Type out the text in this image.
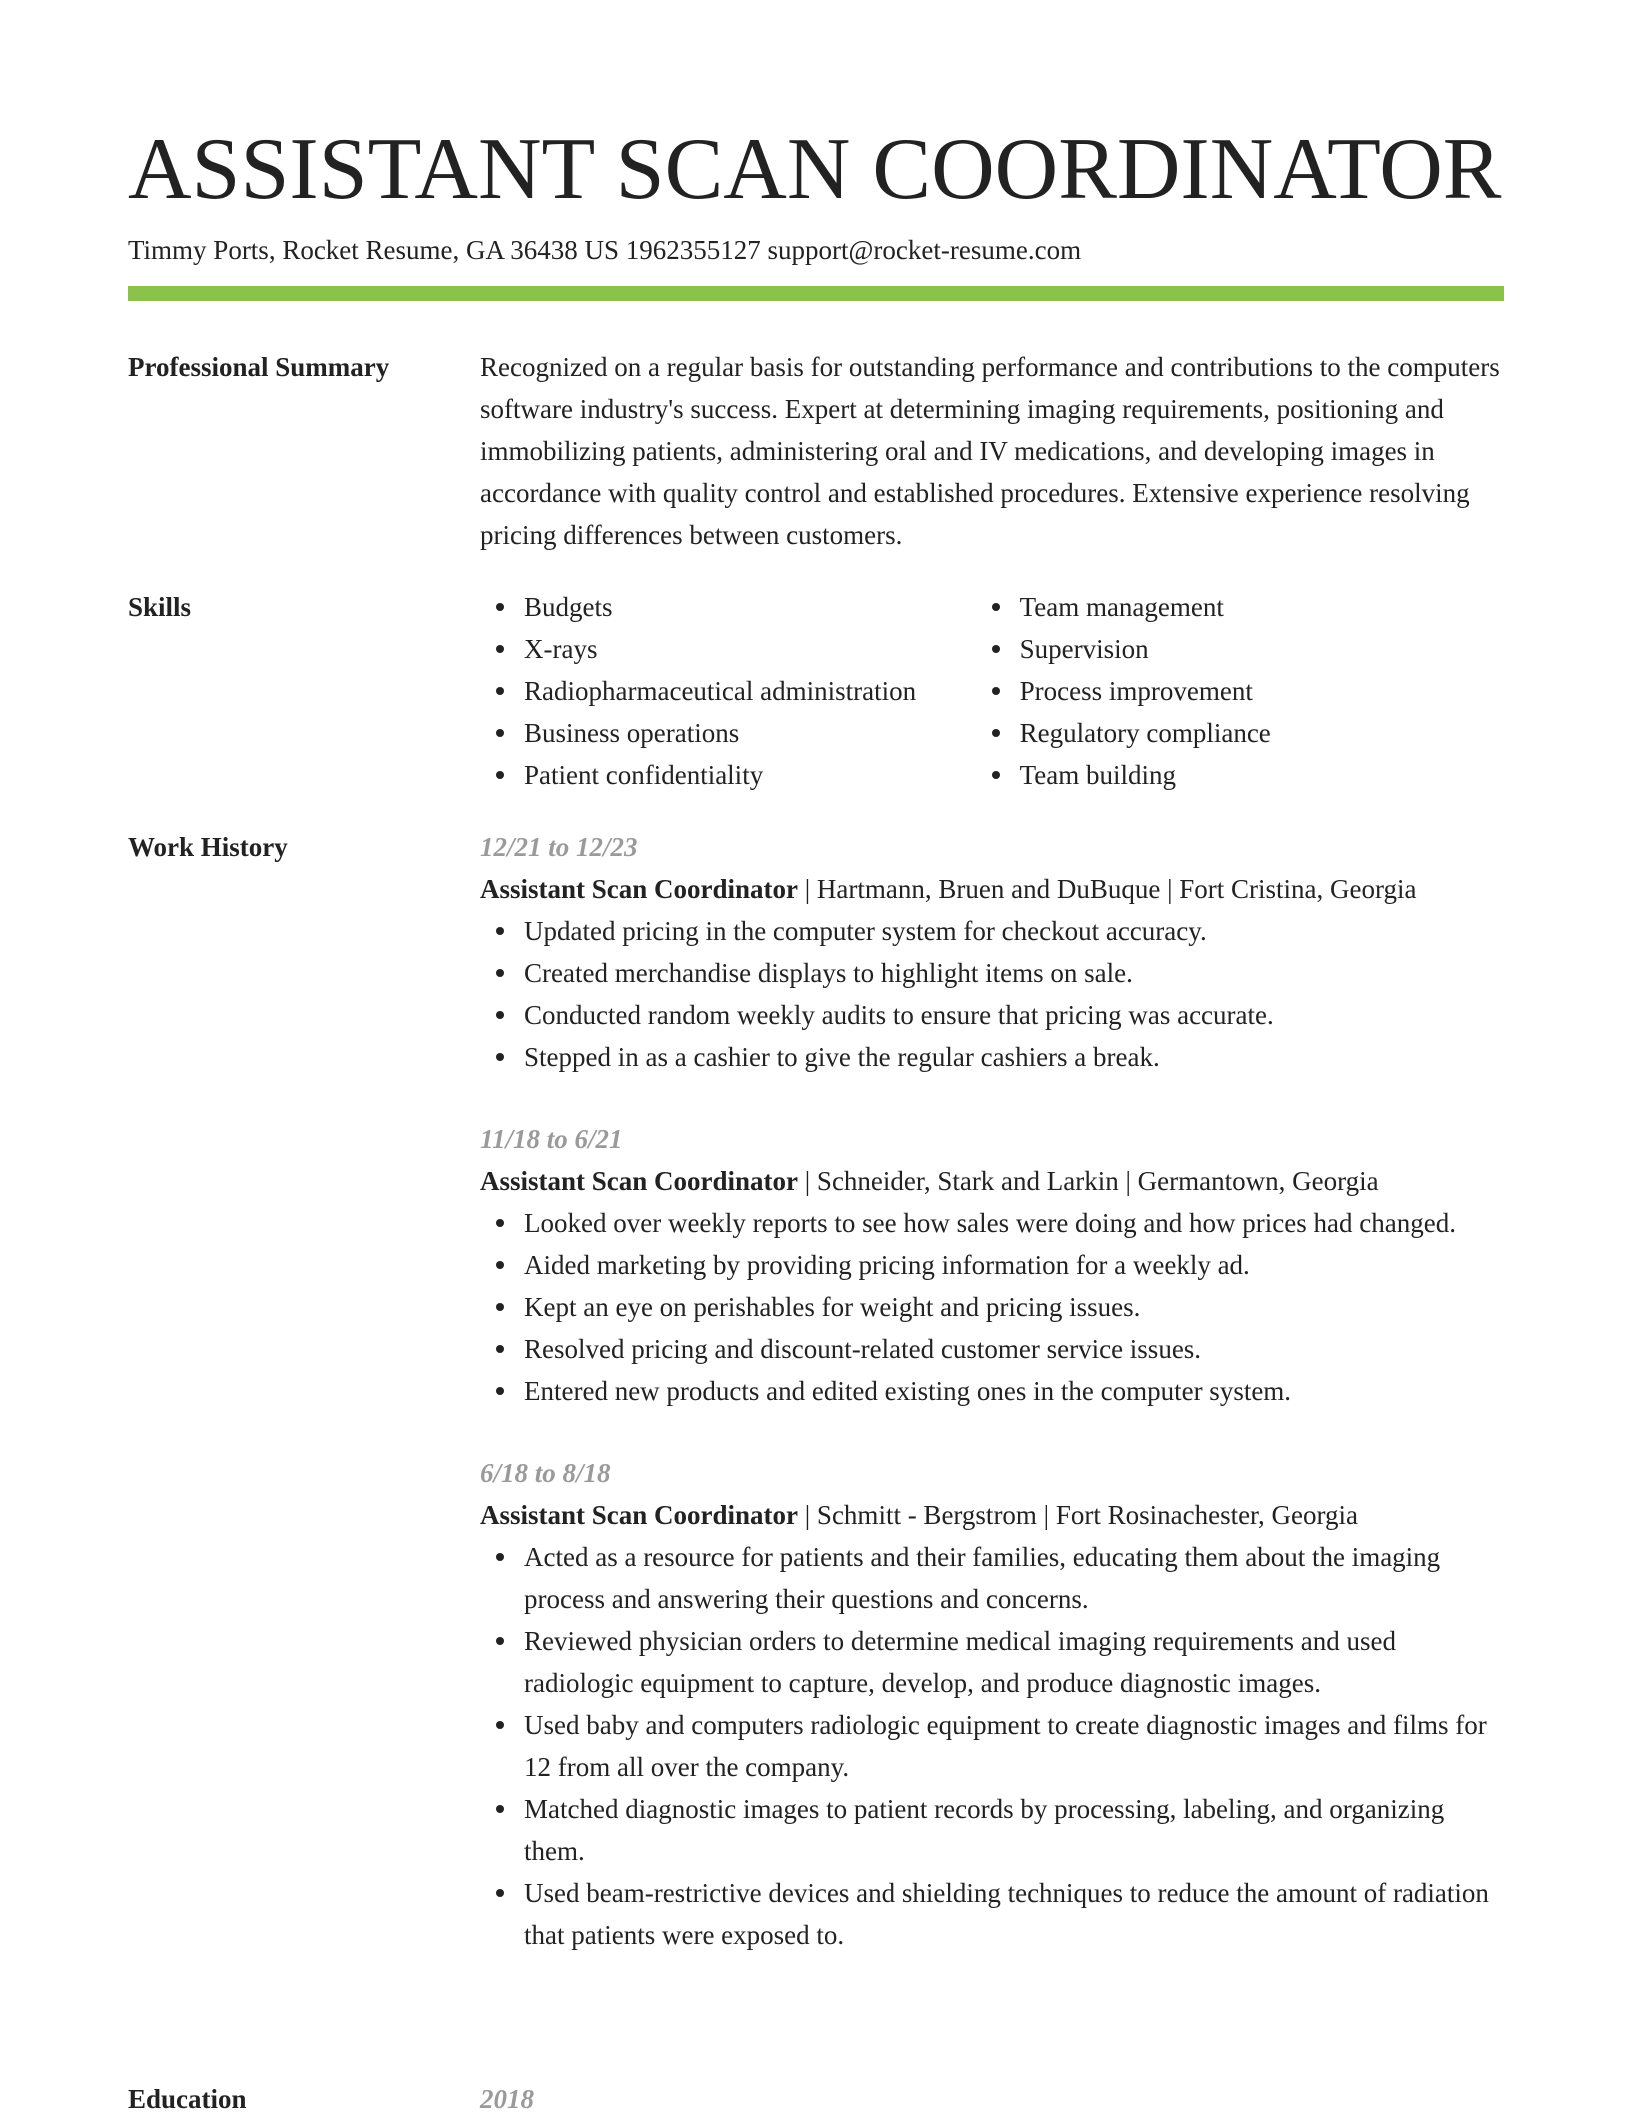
ASSISTANT SCAN COORDINATOR
Timmy Ports, Rocket Resume, GA 36438 US 1962355127 support@rocket-resume.com
Professional Summary	Recognized on a regular basis for outstanding performance and contributions to the computers software industry's success. Expert at determining imaging requirements, positioning and immobilizing patients, administering oral and IV medications, and developing images in accordance with quality control and established procedures. Extensive experience resolving pricing differences between customers.

Skills	Budgets
X-rays
Radiopharmaceutical administration
Business operations
Patient confidentiality
Team management
Supervision
Process improvement
Regulatory compliance
Team building
Work History	12/21 to 12/23
Assistant Scan Coordinator | Hartmann, Bruen and DuBuque | Fort Cristina, Georgia
Updated pricing in the computer system for checkout accuracy.
Created merchandise displays to highlight items on sale.
Conducted random weekly audits to ensure that pricing was accurate.
Stepped in as a cashier to give the regular cashiers a break.
11/18 to 6/21
Assistant Scan Coordinator | Schneider, Stark and Larkin | Germantown, Georgia
Looked over weekly reports to see how sales were doing and how prices had changed.
Aided marketing by providing pricing information for a weekly ad.
Kept an eye on perishables for weight and pricing issues.
Resolved pricing and discount-related customer service issues.
Entered new products and edited existing ones in the computer system.
6/18 to 8/18
Assistant Scan Coordinator | Schmitt - Bergstrom | Fort Rosinachester, Georgia
Acted as a resource for patients and their families, educating them about the imaging process and answering their questions and concerns.
Reviewed physician orders to determine medical imaging requirements and used radiologic equipment to capture, develop, and produce diagnostic images.
Used baby and computers radiologic equipment to create diagnostic images and films for 12 from all over the company.
Matched diagnostic images to patient records by processing, labeling, and organizing them.
Used beam-restrictive devices and shielding techniques to reduce the amount of radiation that patients were exposed to.
Education	2018
